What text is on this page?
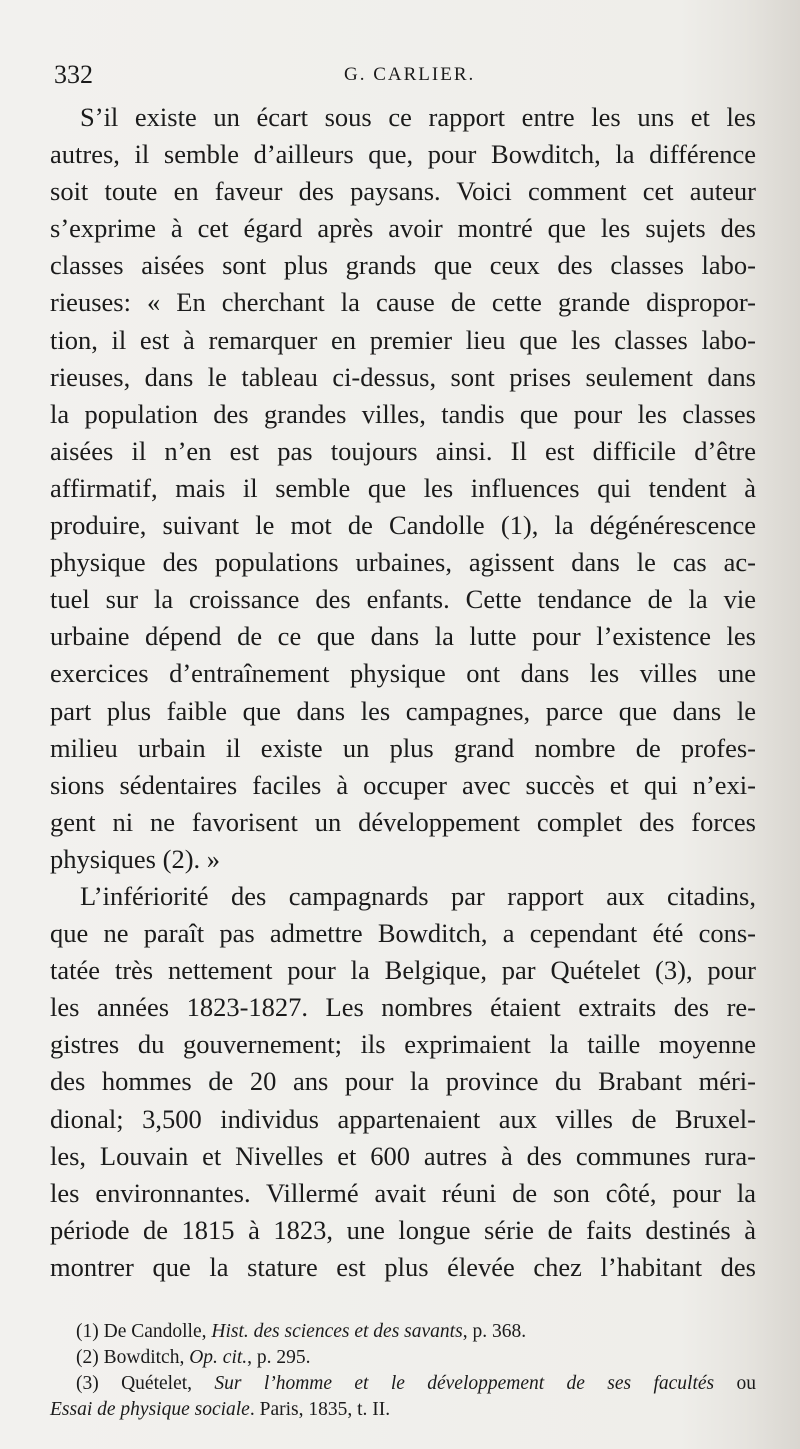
332	G. CARLIER.
S’il existe un écart sous ce rapport entre les uns et les
autres, il semble d’ailleurs que, pour Bowditch, la différence
soit toute en faveur des paysans. Voici comment cet auteur
s’exprime à cet égard après avoir montré que les sujets des
classes aisées sont plus grands que ceux des classes labo-
rieuses: « En cherchant la cause de cette grande dispropor-
tion, il est à remarquer en premier lieu que les classes labo-
rieuses, dans le tableau ci-dessus, sont prises seulement dans
la population des grandes villes, tandis que pour les classes
aisées il n’en est pas toujours ainsi. Il est difficile d’être
affirmatif, mais il semble que les influences qui tendent à
produire, suivant le mot de Candolle (1), la dégénérescence
physique des populations urbaines, agissent dans le cas ac-
tuel sur la croissance des enfants. Cette tendance de la vie
urbaine dépend de ce que dans la lutte pour l’existence les
exercices d’entraînement physique ont dans les villes une
part plus faible que dans les campagnes, parce que dans le
milieu urbain il existe un plus grand nombre de profes-
sions sédentaires faciles à occuper avec succès et qui n’exi-
gent ni ne favorisent un développement complet des forces
physiques (2). »
L’infériorité des campagnards par rapport aux citadins,
que ne paraît pas admettre Bowditch, a cependant été cons-
tatée très nettement pour la Belgique, par Quételet (3), pour
les années 1823-1827. Les nombres étaient extraits des re-
gistres du gouvernement; ils exprimaient la taille moyenne
des hommes de 20 ans pour la province du Brabant méri-
dional; 3,500 individus appartenaient aux villes de Bruxel-
les, Louvain et Nivelles et 600 autres à des communes rura-
les environnantes. Villermé avait réuni de son côté, pour la
période de 1815 à 1823, une longue série de faits destinés à
montrer que la stature est plus élevée chez l’habitant des
(1) De Candolle, Hist. des sciences et des savants, p. 368.
(2) Bowditch, Op. cit., p. 295.
(3) Quételet, Sur l’homme et le développement de ses facultés ou
Essai de physique sociale. Paris, 1835, t. II.
